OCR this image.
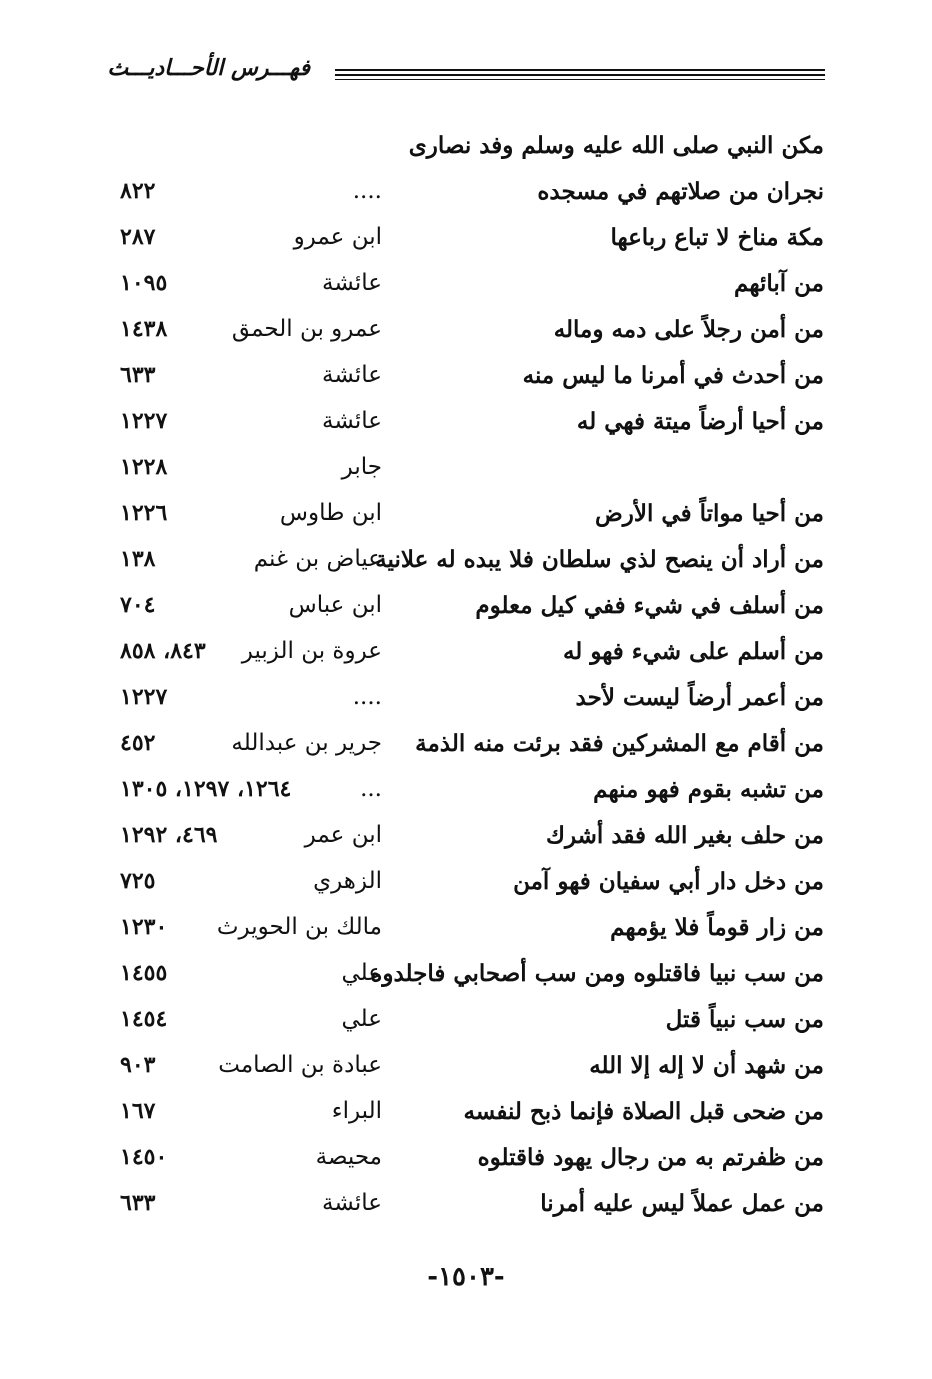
فهـــرس الأحـــاديـــث
مكن النبي صلى الله عليه وسلم وفد نصارى
نجران من صلاتهم في مسجده
....
٨٢٢
مكة مناخ لا تباع رباعها
ابن عمرو
٢٨٧
من آبائهم
عائشة
١٠٩٥
من أمن رجلاً على دمه وماله
عمرو بن الحمق
١٤٣٨
من أحدث في أمرنا ما ليس منه
عائشة
٦٣٣
من أحيا أرضاً ميتة فهي له
عائشة
١٢٢٧
جابر
١٢٢٨
من أحيا مواتاً في الأرض
ابن طاوس
١٢٢٦
من أراد أن ينصح لذي سلطان فلا يبده له علانية
عياض بن غنم
١٣٨
من أسلف في شيء ففي كيل معلوم
ابن عباس
٧٠٤
من أسلم على شيء فهو له
عروة بن الزبير
٨٤٣، ٨٥٨
من أعمر أرضاً ليست لأحد
....
١٢٢٧
من أقام مع المشركين فقد برئت منه الذمة
جرير بن عبدالله
٤٥٢
من تشبه بقوم فهو منهم
...
١٢٦٤، ١٢٩٧، ١٣٠٥
من حلف بغير الله فقد أشرك
ابن عمر
٤٦٩، ١٢٩٢
من دخل دار أبي سفيان فهو آمن
الزهري
٧٢٥
من زار قوماً فلا يؤمهم
مالك بن الحويرث
١٢٣٠
من سب نبيا فاقتلوه ومن سب أصحابي فاجلدوه
علي
١٤٥٥
من سب نبياً قتل
علي
١٤٥٤
من شهد أن لا إله إلا الله
عبادة بن الصامت
٩٠٣
من ضحى قبل الصلاة فإنما ذبح لنفسه
البراء
١٦٧
من ظفرتم به من رجال يهود فاقتلوه
محيصة
١٤٥٠
من عمل عملاً ليس عليه أمرنا
عائشة
٦٣٣
-١٥٠٣-
